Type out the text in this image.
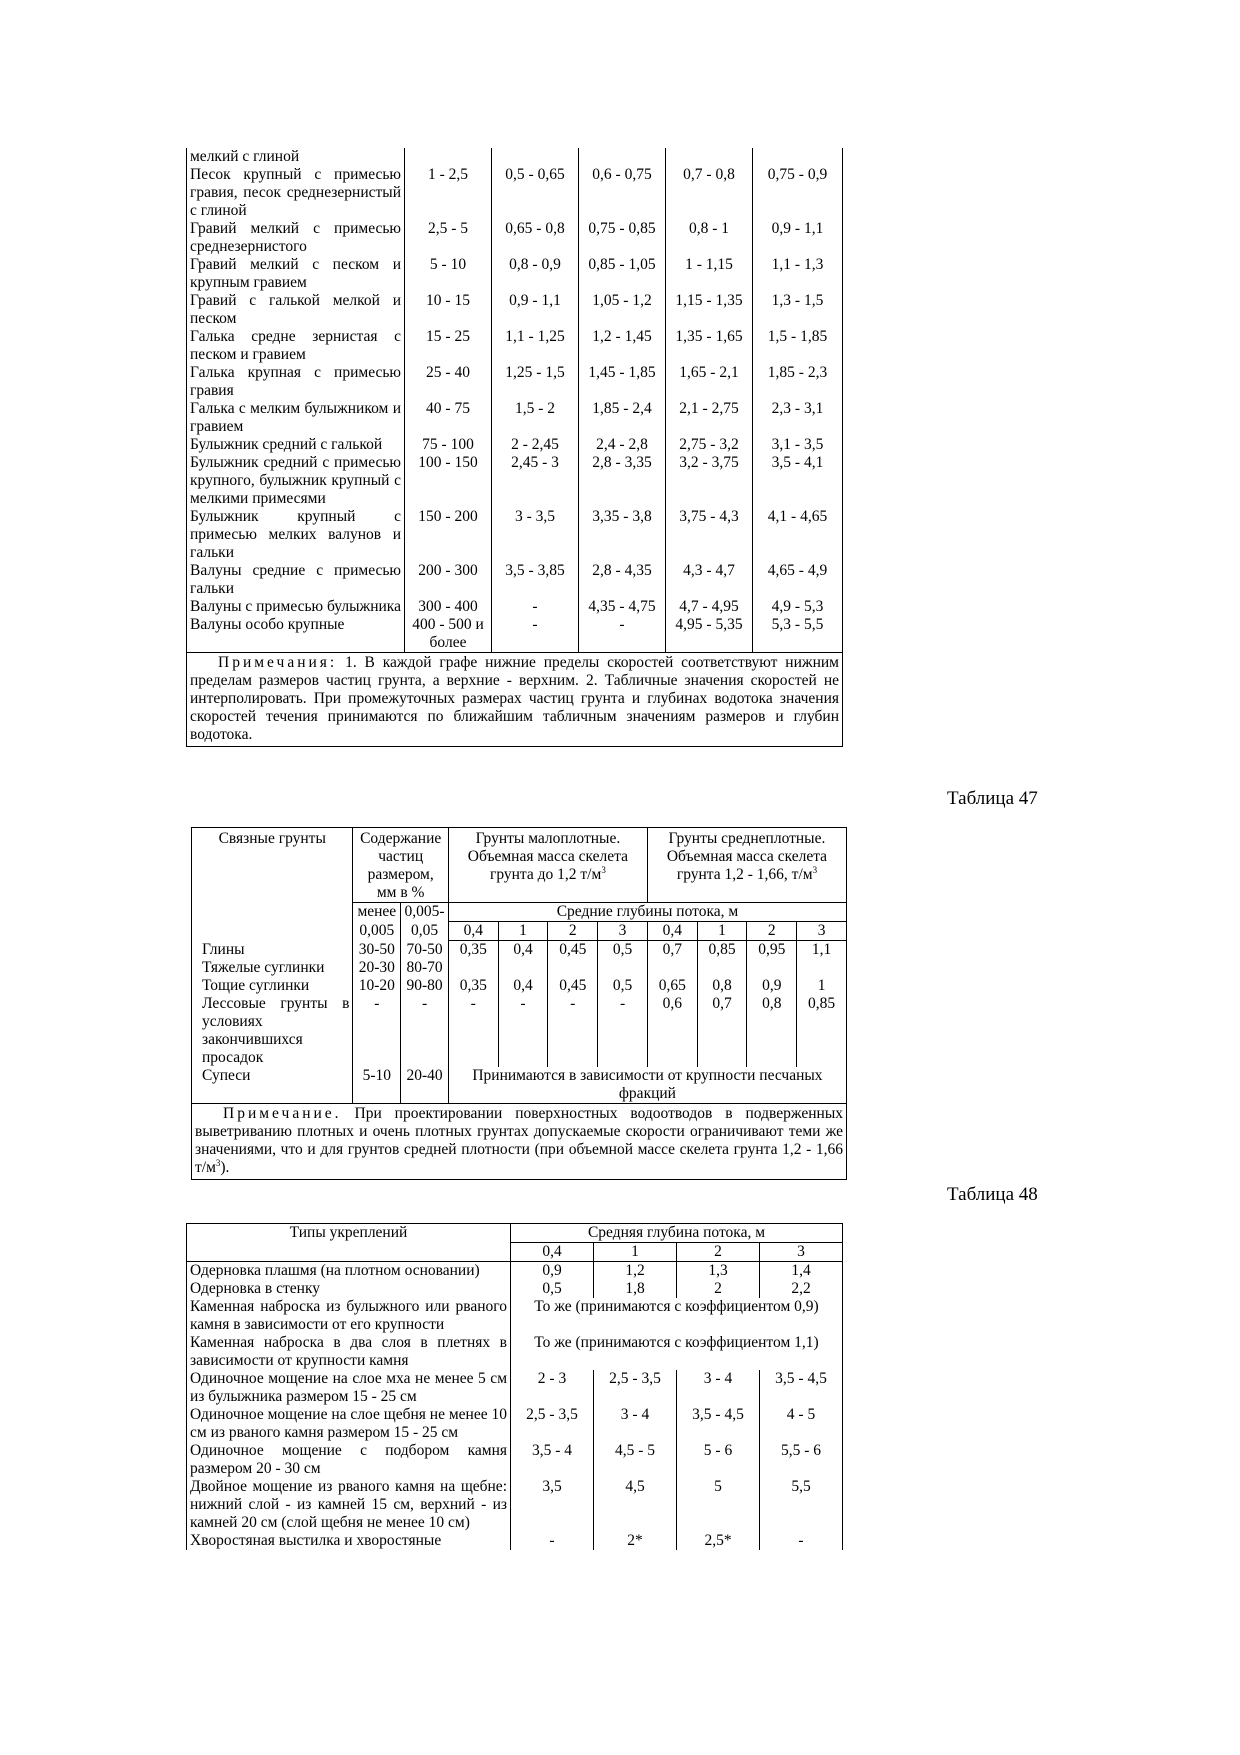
мелкий с глиной					
Песок крупный с примесью гравия, песок среднезернистый с глиной	1 - 2,5	0,5 - 0,65	0,6 - 0,75	0,7 - 0,8	0,75 - 0,9
Гравий мелкий с примесью среднезернистого	2,5 - 5	0,65 - 0,8	0,75 - 0,85	0,8 - 1	0,9 - 1,1
Гравий мелкий с песком и крупным гравием	5 - 10	0,8 - 0,9	0,85 - 1,05	1 - 1,15	1,1 - 1,3
Гравий с галькой мелкой и песком	10 - 15	0,9 - 1,1	1,05 - 1,2	1,15 - 1,35	1,3 - 1,5
Галька средне зернистая с песком и гравием	15 - 25	1,1 - 1,25	1,2 - 1,45	1,35 - 1,65	1,5 - 1,85
Галька крупная с примесью гравия	25 - 40	1,25 - 1,5	1,45 - 1,85	1,65 - 2,1	1,85 - 2,3
Галька с мелким булыжником и гравием	40 - 75	1,5 - 2	1,85 - 2,4	2,1 - 2,75	2,3 - 3,1
Булыжник средний с галькой	75 - 100	2 - 2,45	2,4 - 2,8	2,75 - 3,2	3,1 - 3,5
Булыжник средний с примесью крупного, булыжник крупный с мелкими примесями	100 - 150	2,45 - 3	2,8 - 3,35	3,2 - 3,75	3,5 - 4,1
Булыжник крупный с примесью мелких валунов и гальки	150 - 200	3 - 3,5	3,35 - 3,8	3,75 - 4,3	4,1 - 4,65
Валуны средние с примесью гальки	200 - 300	3,5 - 3,85	2,8 - 4,35	4,3 - 4,7	4,65 - 4,9
Валуны с примесью булыжника	300 - 400	-	4,35 - 4,75	4,7 - 4,95	4,9 - 5,3
Валуны особо крупные	400 - 500 и более	-	-	4,95 - 5,35	5,3 - 5,5
Примечания: 1. В каждой графе нижние пределы скоростей соответствуют нижним пределам размеров частиц грунта, а верхние - верхним. 2. Табличные значения скоростей не интерполировать. При промежуточных размерах частиц грунта и глубинах водотока значения скоростей течения принимаются по ближайшим табличным значениям размеров и глубин водотока.					
Таблица 47
Связные грунты	Содержание частиц размером, мм в %		Грунты малоплотные. Объемная масса скелета грунта до 1,2 $т/м^3$				Грунты среднеплотные. Объемная масса скелета грунта 1,2 - 1,66, $т/м^3$
	менее	0,005-	Средние глубины потока, м							
	0,005	0,05	0,4	1	2	3	0,4	1	2	3
Глины	30-50	70-50	0,35	0,4	0,45	0,5	0,7	0,85	0,95	1,1
Тяжелые суглинки	20-30	80-70								
Тощие суглинки	10-20	90-80	0,35	0,4	0,45	0,5	0,65	0,8	0,9	1
Лессовые грунты в условиях закончившихся просадок	-	-	-	-	-	-	0,6	0,7	0,8	0,85
Супеси	5-10	20-40	Принимаются в зависимости от крупности песчаных фракций							
Примечание. При проектировании поверхностных водоотводов в подверженных выветриванию плотных и очень плотных грунтах допускаемые скорости ограничивают теми же значениями, что и для грунтов средней плотности (при объемной массе скелета грунта 1,2 - 1,66 $т/м^3$).										
Таблица 48
Типы укреплений	Средняя глубина потока, м			
	0,4	1	2	3
Одерновка плашмя (на плотном основании)	0,9	1,2	1,3	1,4
Одерновка в стенку	0,5	1,8	2	2,2
Каменная наброска из булыжного или рваного камня в зависимости от его крупности	То же (принимаются с коэффициентом 0,9)			
Каменная наброска в два слоя в плетнях в зависимости от крупности камня	То же (принимаются с коэффициентом 1,1)			
Одиночное мощение на слое мха не менее 5 см из булыжника размером 15 - 25 см	2 - 3	2,5 - 3,5	3 - 4	3,5 - 4,5
Одиночное мощение на слое щебня не менее 10 см из рваного камня размером 15 - 25 см	2,5 - 3,5	3 - 4	3,5 - 4,5	4 - 5
Одиночное мощение с подбором камня размером 20 - 30 см	3,5 - 4	4,5 - 5	5 - 6	5,5 - 6
Двойное мощение из рваного камня на щебне: нижний слой - из камней 15 см, верхний - из камней 20 см (слой щебня не менее 10 см)	3,5	4,5	5	5,5
Хворостяная выстилка и хворостяные	-	2*	2,5*	-
